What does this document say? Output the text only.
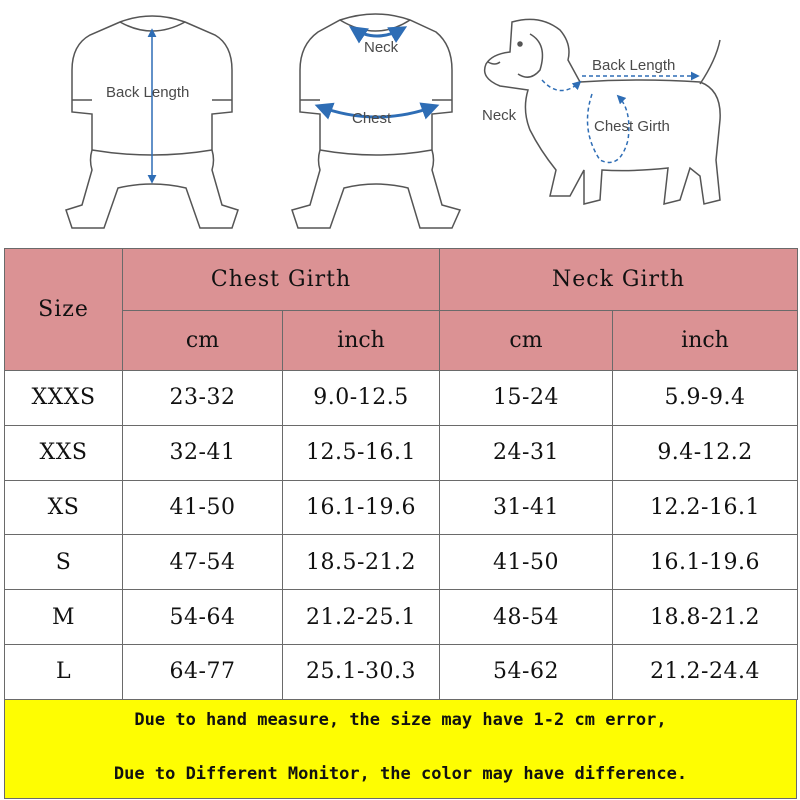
Back Length
Neck
Chest
Back Length
Neck
Chest Girth
Size	Chest Girth		Neck Girth	
	cm	inch	cm	inch
XXXS	23-32	9.0-12.5	15-24	5.9-9.4
XXS	32-41	12.5-16.1	24-31	9.4-12.2
XS	41-50	16.1-19.6	31-41	12.2-16.1
S	47-54	18.5-21.2	41-50	16.1-19.6
M	54-64	21.2-25.1	48-54	18.8-21.2
L	64-77	25.1-30.3	54-62	21.2-24.4
Due to hand measure, the size may have 1-2 cm error,
Due to Different Monitor, the color may have difference.
